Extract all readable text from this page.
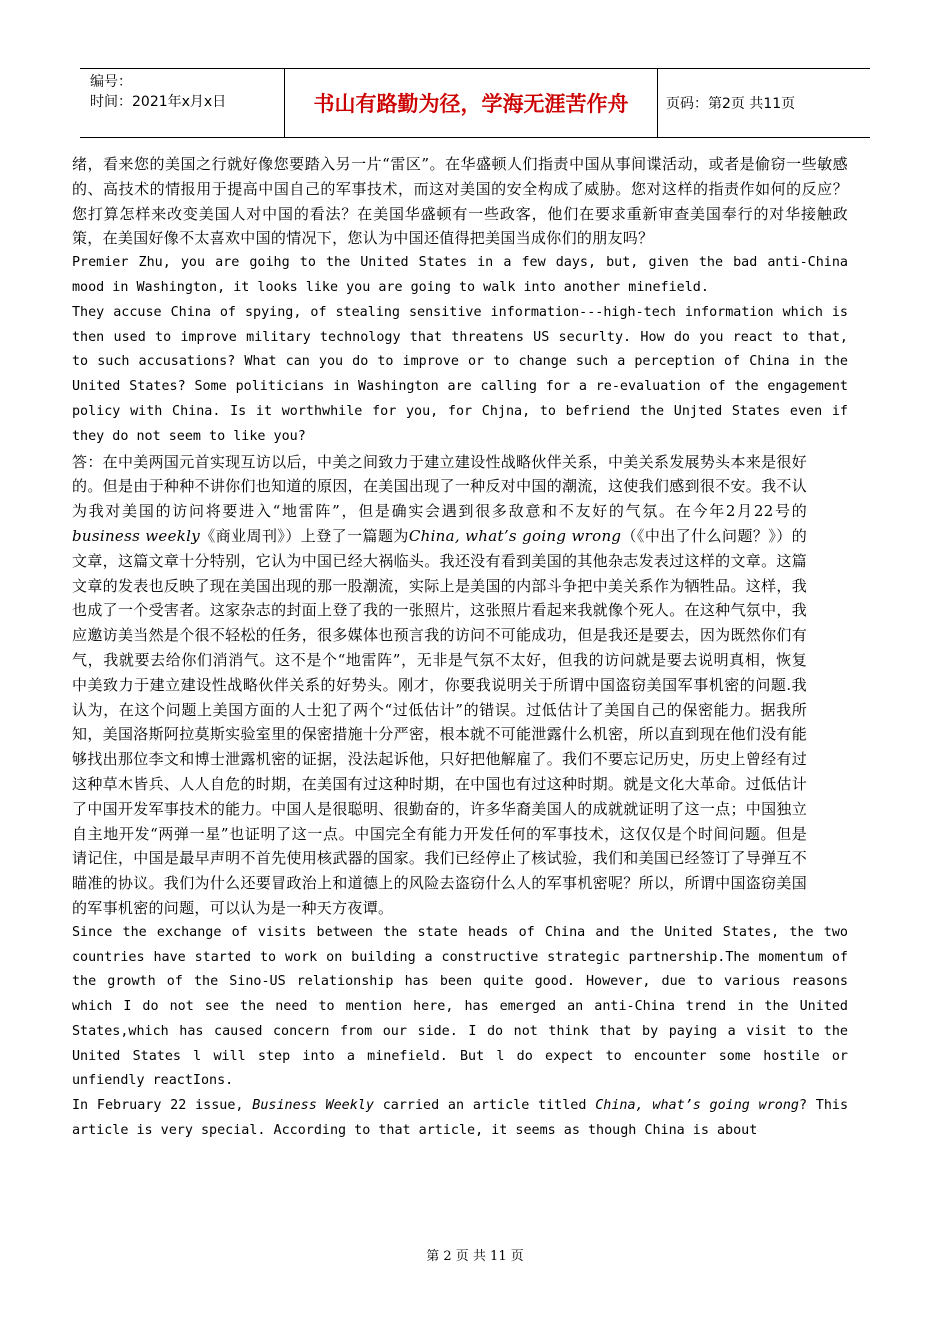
编号：
时间：2021年x月x日	书山有路勤为径，学海无涯苦作舟	页码：第2页 共11页

绪，看来您的美国之行就好像您要踏入另一片“雷区”。在华盛顿人们指责中国从事间谍活动，或者是偷窃一些敏感的、高技术的情报用于提高中国自己的军事技术，而这对美国的安全构成了威胁。您对这样的指责作如何的反应？您打算怎样来改变美国人对中国的看法？在美国华盛顿有一些政客，他们在要求重新审查美国奉行的对华接触政策，在美国好像不太喜欢中国的情况下，您认为中国还值得把美国当成你们的朋友吗？

Premier Zhu, you are goihg to the United States in a few days, but, given the bad anti-China mood in Washington, it looks like you are going to walk into another minefield.

They accuse China of spying, of stealing sensitive information---high-tech information which is then used to improve military technology that threatens US securlty. How do you react to that, to such accusations? What can you do to improve or to change such a perception of China in the United States? Some politicians in Washington are calling for a re-evaluation of the engagement policy with China. Is it worthwhile for you, for Chjna, to befriend the Unjted States even if they do not seem to like you?

答：在中美两国元首实现互访以后，中美之间致力于建立建设性战略伙伴关系，中美关系发展势头本来是很好的。但是由于种种不讲你们也知道的原因，在美国出现了一种反对中国的潮流，这使我们感到很不安。我不认为我对美国的访问将要进入“地雷阵”，但是确实会遇到很多敌意和不友好的气氛。在今年2月22号的business weekly《商业周刊》）上登了一篇题为China, what’s going wrong（《中出了什么问题？》）的文章，这篇文章十分特别，它认为中国已经大祸临头。我还没有看到美国的其他杂志发表过这样的文章。这篇文章的发表也反映了现在美国出现的那一股潮流，实际上是美国的内部斗争把中美关系作为牺牲品。这样，我也成了一个受害者。这家杂志的封面上登了我的一张照片，这张照片看起来我就像个死人。在这种气氛中，我应邀访美当然是个很不轻松的任务，很多媒体也预言我的访问不可能成功，但是我还是要去，因为既然你们有气，我就要去给你们消消气。这不是个“地雷阵”，无非是气氛不太好，但我的访问就是要去说明真相，恢复中美致力于建立建设性战略伙伴关系的好势头。刚才，你要我说明关于所谓中国盗窃美国军事机密的问题.我认为，在这个问题上美国方面的人士犯了两个“过低估计”的错误。过低估计了美国自己的保密能力。据我所知，美国洛斯阿拉莫斯实验室里的保密措施十分严密，根本就不可能泄露什么机密，所以直到现在他们没有能够找出那位李文和博士泄露机密的证据，没法起诉他，只好把他解雇了。我们不要忘记历史，历史上曾经有过这种草木皆兵、人人自危的时期，在美国有过这种时期，在中国也有过这种时期。就是文化大革命。过低估计了中国开发军事技术的能力。中国人是很聪明、很勤奋的，许多华裔美国人的成就就证明了这一点；中国独立自主地开发“两弹一星”也证明了这一点。中国完全有能力开发任何的军事技术，这仅仅是个时间问题。但是请记住，中国是最早声明不首先使用核武器的国家。我们已经停止了核试验，我们和美国已经签订了导弹互不瞄准的协议。我们为什么还要冒政治上和道德上的风险去盗窃什么人的军事机密呢？所以，所谓中国盗窃美国的军事机密的问题，可以认为是一种天方夜谭。

Since the exchange of visits between the state heads of China and the United States, the two countries have started to work on building a constructive strategic partnership.The momentum of the growth of the Sino-US relationship has been quite good. However, due to various reasons which I do not see the need to mention here, has emerged an anti-China trend in the United States,which has caused concern from our side. I do not think that by paying a visit to the United States l will step into a minefield. But l do expect to encounter some hostile or unfiendly reactIons.

In February 22 issue, Business Weekly carried an article titled China, what’s going wrong? This article is very special. According to that article, it seems as though China is about

第 2 页 共 11 页
